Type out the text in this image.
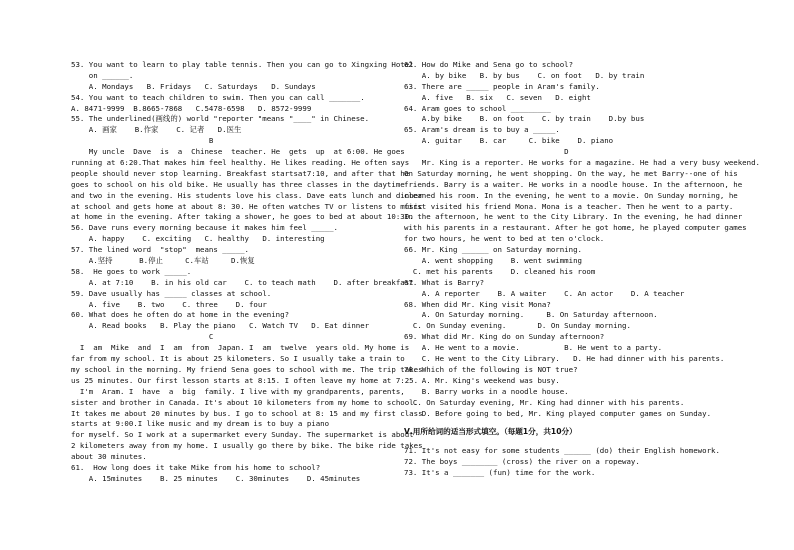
53. You want to learn to play table tennis. Then you can go to Xingxing Hotel
on ______.
A. Mondays   B. Fridays   C. Saturdays   D. Sundays
54. You want to teach children to swim. Then you can call _______.
A. 8471-9999  B.8665-7868   C.5478-6598   D. 8572-9999
55. The underlined(画线的) world "reporter "means "____" in Chinese.
A. 画家    B.作家    C. 记者   D.医生
B
My uncle  Dave  is  a  Chinese  teacher. He  gets  up  at 6:00. He goes
running at 6:20.That makes him feel healthy. He likes reading. He often says
people should never stop learning. Breakfast startsat7:10, and after that he
goes to school on his old bike. He usually has three classes in the daytime
and two in the evening. His students love his class. Dave eats lunch and dinner
at school and gets home at about 8: 30. He often watches TV or listens to music
at home in the evening. After taking a shower, he goes to bed at about 10:30.
56. Dave runs every morning because it makes him feel _____.
A. happy    C. exciting   C. healthy   D. interesting
57. The lined word  "stop"  means _____.
A.坚持      B.停止     C.车站     D.恢复
58.  He goes to work _____.
A. at 7:10    B. in his old car    C. to teach math    D. after breakfast
59. Dave usually has _____ classes at school.
A. five    B. two    C. three    D. four
60. What does he often do at home in the evening?
A. Read books   B. Play the piano   C. Watch TV   D. Eat dinner
C
I  am  Mike  and  I  am  from  Japan. I  am  twelve  years old. My home is
far from my school. It is about 25 kilometers. So I usually take a train to
my school in the morning. My friend Sena goes to school with me. The trip takes
us 25 minutes. Our first lesson starts at 8:15. I often leave my home at 7:25.
I'm  Aram. I  have  a  big  family. I live with my grandparents, parents,
sister and brother in Canada. It's about 10 kilometers from my home to school.
It takes me about 20 minutes by bus. I go to school at 8: 15 and my first class
starts at 9:00.I like music and my dream is to buy a piano
for myself. So I work at a supermarket every Sunday. The supermarket is about
2 kilometers away from my home. I usually go there by bike. The bike ride takes
about 30 minutes.
61.  How long does it take Mike from his home to school?
A. 15minutes    B. 25 minutes    C. 30minutes    D. 45minutes
62. How do Mike and Sena go to school?
A. by bike   B. by bus    C. on foot   D. by train
63. There are _____ people in Aram's family.
A. five   B. six   C. seven   D. eight
64. Aram goes to school _________
A.by bike    B. on foot    C. by train    D.by bus
65. Aram's dream is to buy a _____.
A. guitar    B. car     C. bike    D. piano
D
Mr. King is a reporter. He works for a magazine. He had a very busy weekend.
On Saturday morning, he went shopping. On the way, he met Barry--one of his
friends. Barry is a waiter. He works in a noodle house. In the afternoon, he
cleaned his room. In the evening, he went to a movie. On Sunday morning, he
first visited his friend Mona. Mona is a teacher. Then he went to a party.
In the afternoon, he went to the City Library. In the evening, he had dinner
with his parents in a restaurant. After he got home, he played computer games
for two hours, he went to bed at ten o'clock.
66. Mr. King ______ on Saturday morning.
A. went shopping    B. went swimming
C. met his parents    D. cleaned his room
67. What is Barry?
A. A reporter    B. A waiter    C. An actor    D. A teacher
68. When did Mr. King visit Mona?
A. On Saturday morning.     B. On Saturday afternoon.
C. On Sunday evening.       D. On Sunday morning.
69. What did Mr. King do on Sunday afternoon?
A. He went to a movie.          B. He went to a party.
C. He went to the City Library.   D. He had dinner with his parents.
70. Which of the following is NOT true?
A. Mr. King's weekend was busy.
B. Barry works in a noodle house.
C. On Saturday evening, Mr. King had dinner with his parents.
D. Before going to bed, Mr. King played computer games on Sunday.
Ⅴ.用所给词的适当形式填空。（每题1分，共10分）
71. It's not easy for some students ______ (do) their English homework.
72. The boys ________ (cross) the river on a ropeway.
73. It's a _______ (fun) time for the work.
